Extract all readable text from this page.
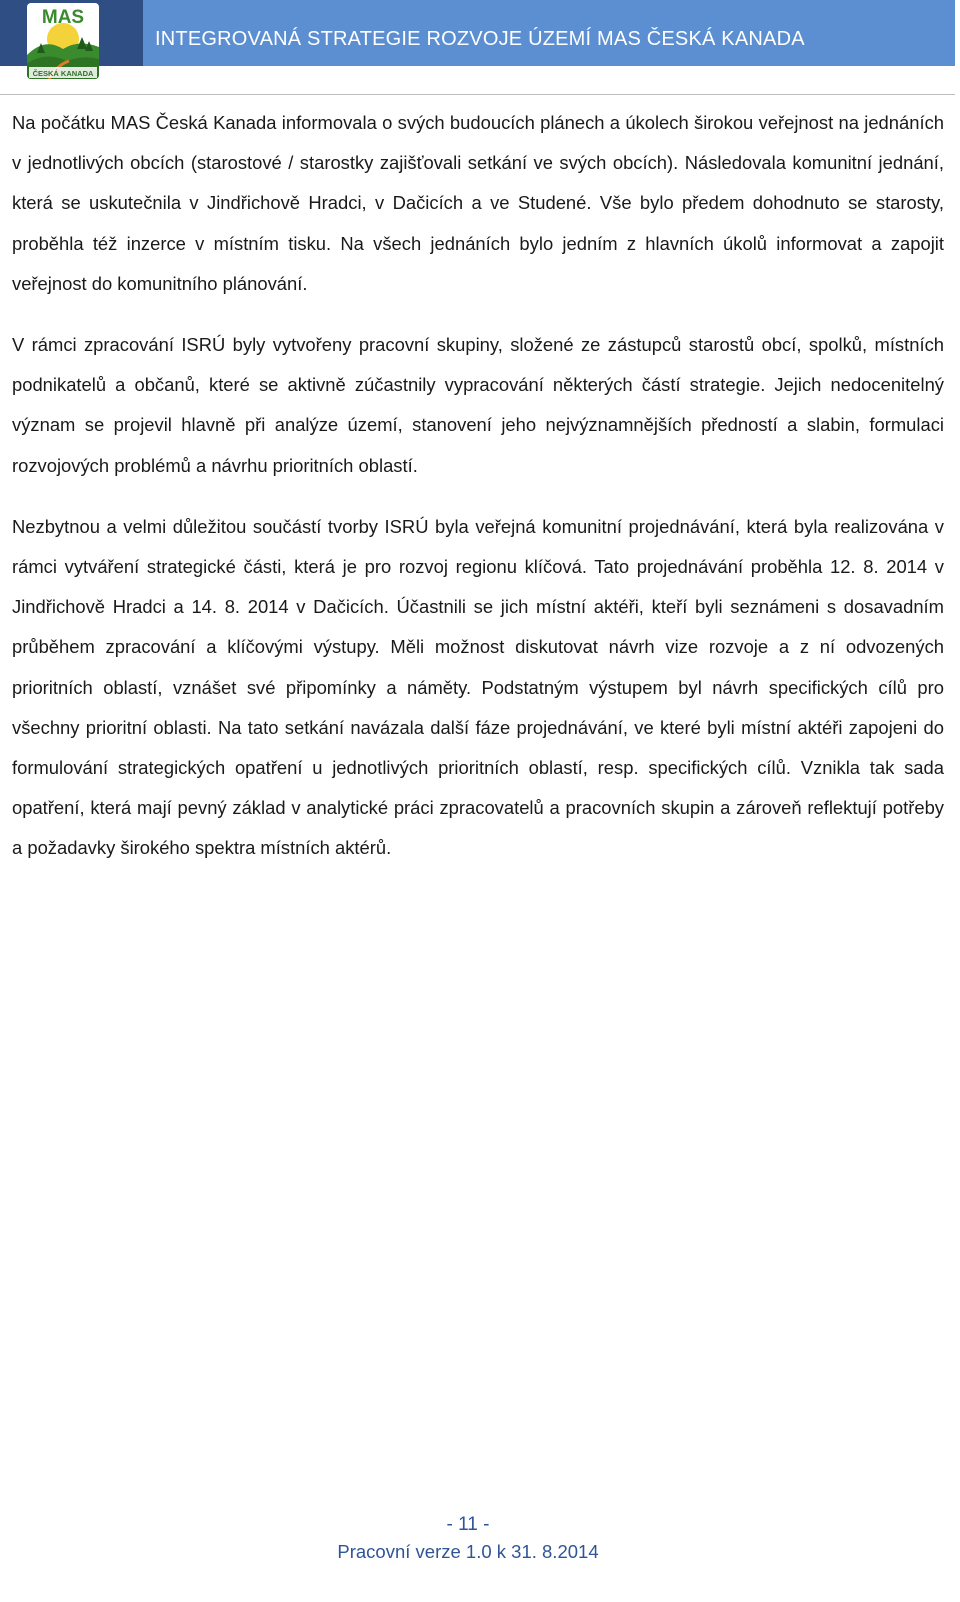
MAS
ČESKÁ KANADA
INTEGROVANÁ STRATEGIE ROZVOJE ÚZEMÍ MAS ČESKÁ KANADA

Na počátku MAS Česká Kanada informovala o svých budoucích plánech a úkolech širokou veřejnost na jednáních v jednotlivých obcích (starostové / starostky zajišťovali setkání ve svých obcích). Následovala komunitní jednání, která se uskutečnila v Jindřichově Hradci, v Dačicích a ve Studené. Vše bylo předem dohodnuto se starosty, proběhla též inzerce v místním tisku. Na všech jednáních bylo jedním z hlavních úkolů informovat a zapojit veřejnost do komunitního plánování.

V rámci zpracování ISRÚ byly vytvořeny pracovní skupiny, složené ze zástupců starostů obcí, spolků, místních podnikatelů a občanů, které se aktivně zúčastnily vypracování některých částí strategie. Jejich nedocenitelný význam se projevil hlavně při analýze území, stanovení jeho nejvýznamnějších předností a slabin, formulaci rozvojových problémů a návrhu prioritních oblastí.

Nezbytnou a velmi důležitou součástí tvorby ISRÚ byla veřejná komunitní projednávání, která byla realizována v rámci vytváření strategické části, která je pro rozvoj regionu klíčová. Tato projednávání proběhla 12. 8. 2014 v Jindřichově Hradci a 14. 8. 2014 v Dačicích. Účastnili se jich místní aktéři, kteří byli seznámeni s dosavadním průběhem zpracování a klíčovými výstupy. Měli možnost diskutovat návrh vize rozvoje a z ní odvozených prioritních oblastí, vznášet své připomínky a náměty. Podstatným výstupem byl návrh specifických cílů pro všechny prioritní oblasti. Na tato setkání navázala další fáze projednávání, ve které byli místní aktéři zapojeni do formulování strategických opatření u jednotlivých prioritních oblastí, resp. specifických cílů. Vznikla tak sada opatření, která mají pevný základ v analytické práci zpracovatelů a pracovních skupin a zároveň reflektují potřeby a požadavky širokého spektra místních aktérů.

- 11 -
Pracovní verze 1.0 k 31. 8.2014
